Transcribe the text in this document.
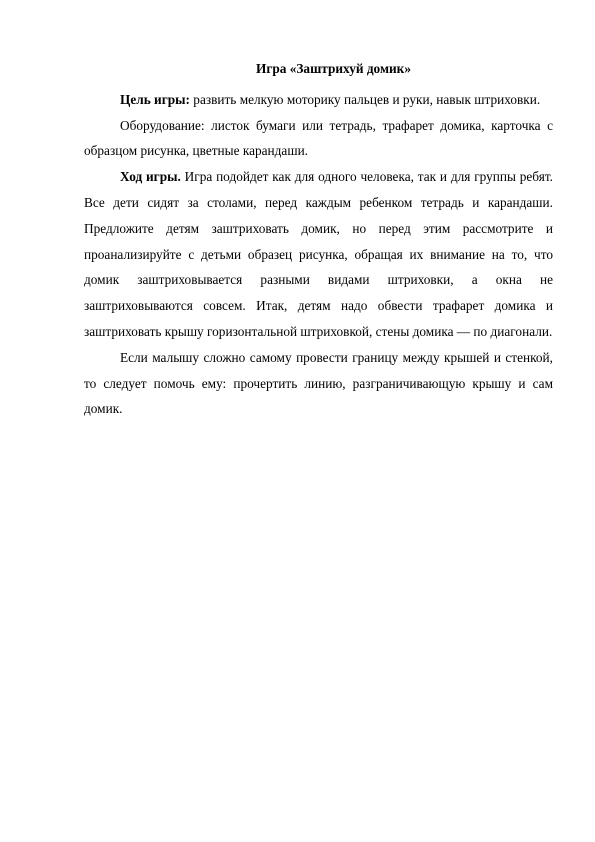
Игра «Заштрихуй домик»

Цель игры: развить мелкую моторику пальцев и руки, навык штриховки.

Оборудование: листок бумаги или тетрадь, трафарет домика, карточка с образцом рисунка, цветные карандаши.

Ход игры. Игра подойдет как для одного человека, так и для группы ребят. Все дети сидят за столами, перед каждым ребенком тетрадь и карандаши. Предложите детям заштриховать домик, но перед этим рассмотрите и проанализируйте с детьми образец рисунка, обращая их внимание на то, что домик заштриховывается разными видами штриховки, а окна не заштриховываются совсем. Итак, детям надо обвести трафарет домика и заштриховать крышу горизонтальной штриховкой, стены домика — по диагонали.

Если малышу сложно самому провести границу между крышей и стенкой, то следует помочь ему: прочертить линию, разграничивающую крышу и сам домик.
